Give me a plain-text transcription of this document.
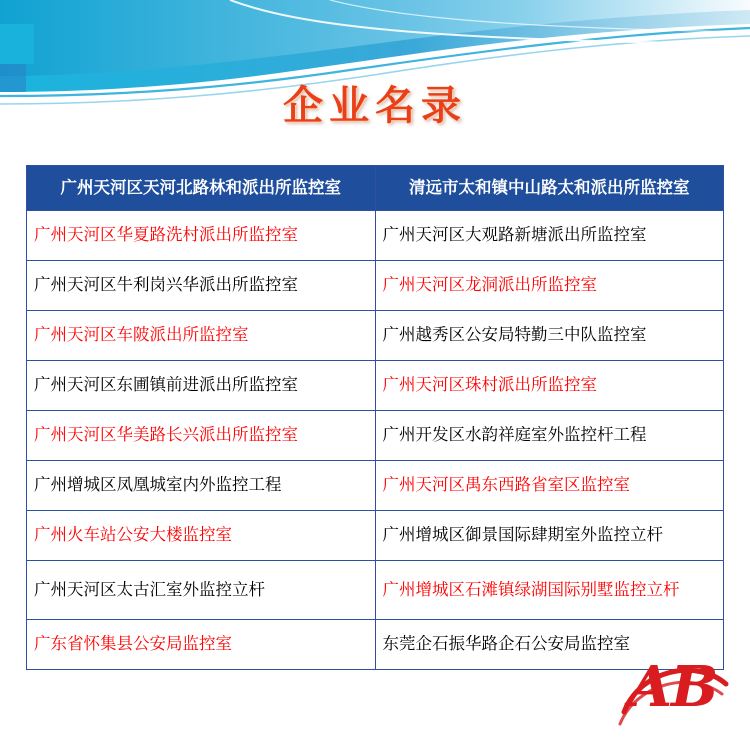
企业名录
广州天河区天河北路林和派出所监控室	清远市太和镇中山路太和派出所监控室
广州天河区华夏路洗村派出所监控室	广州天河区大观路新塘派出所监控室
广州天河区牛利岗兴华派出所监控室	广州天河区龙洞派出所监控室
广州天河区车陂派出所监控室	广州越秀区公安局特勤三中队监控室
广州天河区东圃镇前进派出所监控室	广州天河区珠村派出所监控室
广州天河区华美路长兴派出所监控室	广州开发区水韵祥庭室外监控杆工程
广州增城区凤凰城室内外监控工程	广州天河区禺东西路省室区监控室
广州火车站公安大楼监控室	广州增城区御景国际肆期室外监控立杆
广州天河区太古汇室外监控立杆	广州增城区石滩镇绿湖国际别墅监控立杆
广东省怀集县公安局监控室	东莞企石振华路企石公安局监控室
AB
